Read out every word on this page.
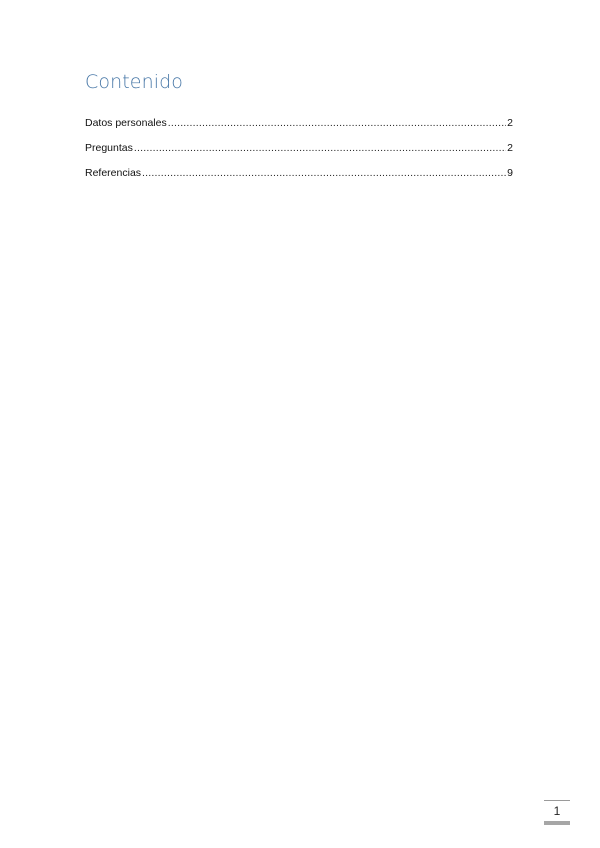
Contenido
Datos personales .....	2
Preguntas .....	2
Referencias .....	9
1
